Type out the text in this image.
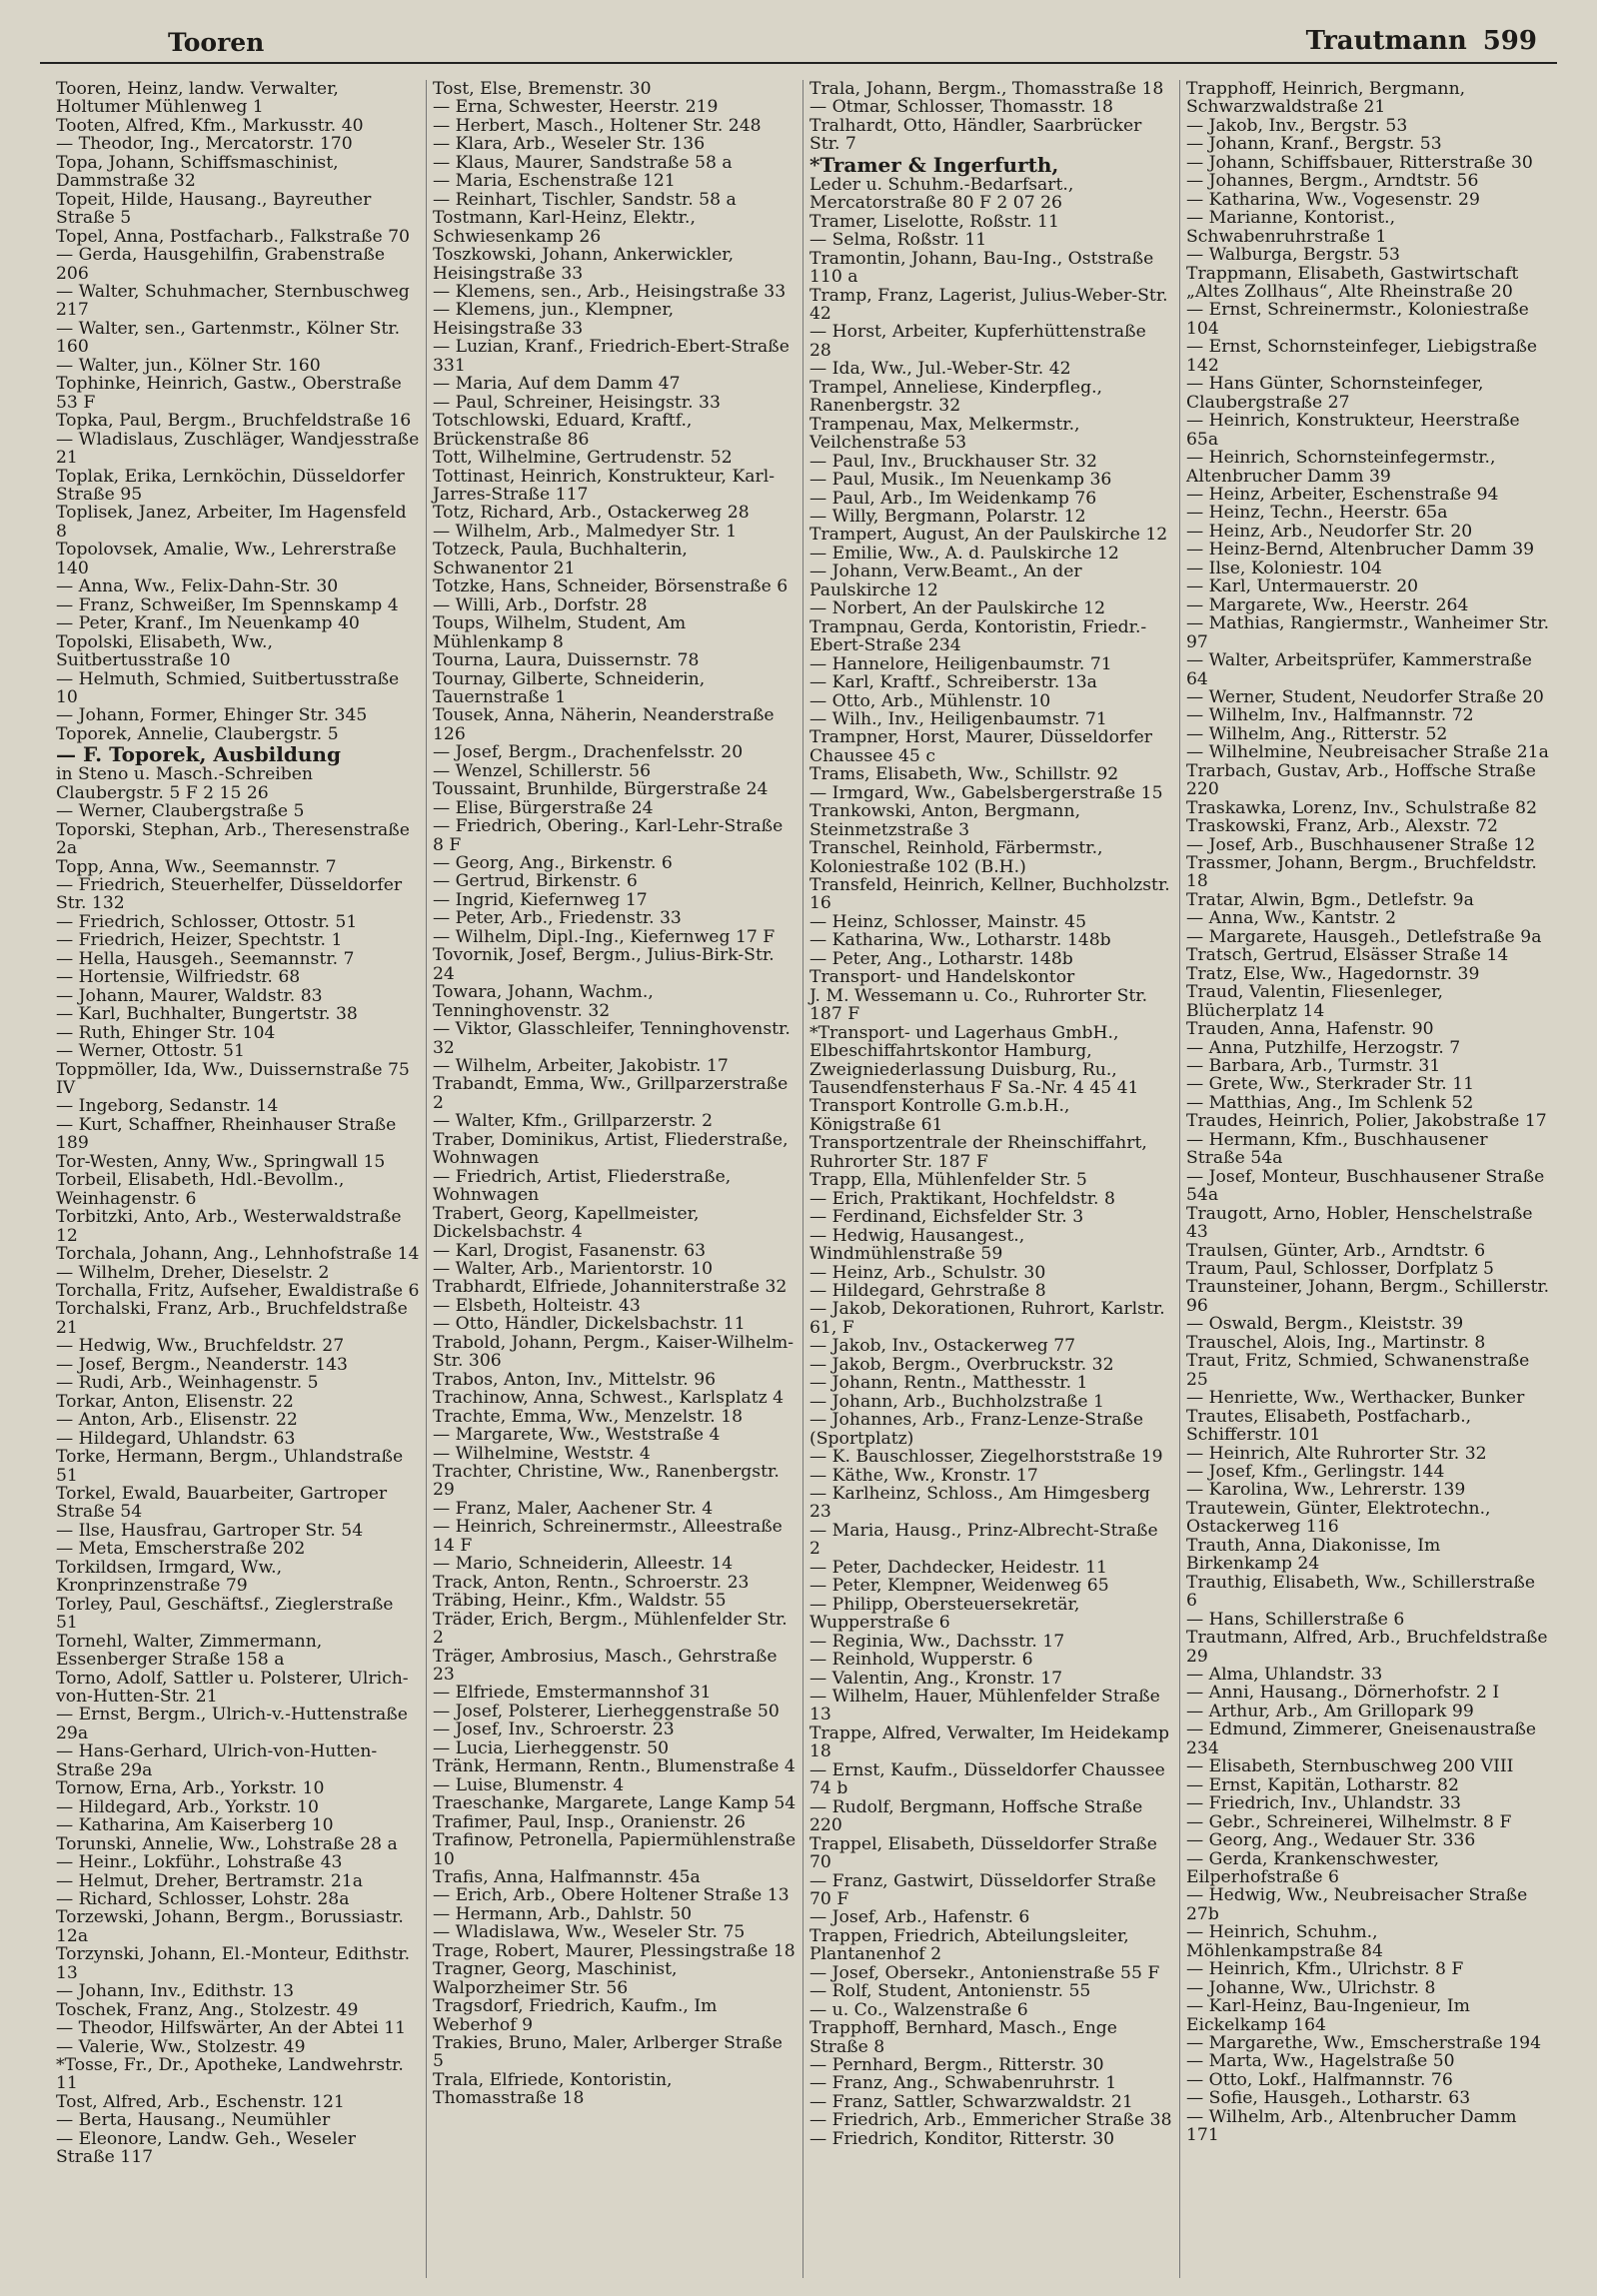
Tooren	Trautmann 599

Tooren, Heinz, landw. Verwalter, Holtumer Mühlenweg 1

Tooten, Alfred, Kfm., Markusstr. 40

— Theodor, Ing., Mercatorstr. 170

Topa, Johann, Schiffsmaschinist, Dammstraße 32

Topeit, Hilde, Hausang., Bayreuther Straße 5

Topel, Anna, Postfacharb., Falkstraße 70

— Gerda, Hausgehilfin, Grabenstraße 206

— Walter, Schuhmacher, Sternbuschweg 217

— Walter, sen., Gartenmstr., Kölner Str. 160

— Walter, jun., Kölner Str. 160

Tophinke, Heinrich, Gastw., Oberstraße 53 F

Topka, Paul, Bergm., Bruchfeldstraße 16

— Wladislaus, Zuschläger, Wandjesstraße 21

Toplak, Erika, Lernköchin, Düsseldorfer Straße 95

Toplisek, Janez, Arbeiter, Im Hagensfeld 8

Topolovsek, Amalie, Ww., Lehrerstraße 140

— Anna, Ww., Felix-Dahn-Str. 30

— Franz, Schweißer, Im Spennskamp 4

— Peter, Kranf., Im Neuenkamp 40

Topolski, Elisabeth, Ww., Suitbertusstraße 10

— Helmuth, Schmied, Suitbertusstraße 10

— Johann, Former, Ehinger Str. 345

Toporek, Annelie, Claubergstr. 5

— F. Toporek, Ausbildung

in Steno u. Masch.-Schreiben Claubergstr. 5 F 2 15 26

— Werner, Claubergstraße 5

Toporski, Stephan, Arb., Theresenstraße 2a

Topp, Anna, Ww., Seemannstr. 7

— Friedrich, Steuerhelfer, Düsseldorfer Str. 132

— Friedrich, Schlosser, Ottostr. 51

— Friedrich, Heizer, Spechtstr. 1

— Hella, Hausgeh., Seemannstr. 7

— Hortensie, Wilfriedstr. 68

— Johann, Maurer, Waldstr. 83

— Karl, Buchhalter, Bungertstr. 38

— Ruth, Ehinger Str. 104

— Werner, Ottostr. 51

Toppmöller, Ida, Ww., Duissernstraße 75 IV

— Ingeborg, Sedanstr. 14

— Kurt, Schaffner, Rheinhauser Straße 189

Tor-Westen, Anny, Ww., Springwall 15

Torbeil, Elisabeth, Hdl.-Bevollm., Weinhagenstr. 6

Torbitzki, Anto, Arb., Westerwaldstraße 12

Torchala, Johann, Ang., Lehnhofstraße 14

— Wilhelm, Dreher, Dieselstr. 2

Torchalla, Fritz, Aufseher, Ewaldistraße 6

Torchalski, Franz, Arb., Bruchfeldstraße 21

— Hedwig, Ww., Bruchfeldstr. 27

— Josef, Bergm., Neanderstr. 143

— Rudi, Arb., Weinhagenstr. 5

Torkar, Anton, Elisenstr. 22

— Anton, Arb., Elisenstr. 22

— Hildegard, Uhlandstr. 63

Torke, Hermann, Bergm., Uhlandstraße 51

Torkel, Ewald, Bauarbeiter, Gartroper Straße 54

— Ilse, Hausfrau, Gartroper Str. 54

— Meta, Emscherstraße 202

Torkildsen, Irmgard, Ww., Kronprinzenstraße 79

Torley, Paul, Geschäftsf., Zieglerstraße 51

Tornehl, Walter, Zimmermann, Essenberger Straße 158 a

Torno, Adolf, Sattler u. Polsterer, Ulrich-von-Hutten-Str. 21

— Ernst, Bergm., Ulrich-v.-Huttenstraße 29a

— Hans-Gerhard, Ulrich-von-Hutten-Straße 29a

Tornow, Erna, Arb., Yorkstr. 10

— Hildegard, Arb., Yorkstr. 10

— Katharina, Am Kaiserberg 10

Torunski, Annelie, Ww., Lohstraße 28 a

— Heinr., Lokführ., Lohstraße 43

— Helmut, Dreher, Bertramstr. 21a

— Richard, Schlosser, Lohstr. 28a

Torzewski, Johann, Bergm., Borussiastr. 12a

Torzynski, Johann, El.-Monteur, Edithstr. 13

— Johann, Inv., Edithstr. 13

Toschek, Franz, Ang., Stolzestr. 49

— Theodor, Hilfswärter, An der Abtei 11

— Valerie, Ww., Stolzestr. 49

*Tosse, Fr., Dr., Apotheke, Landwehrstr. 11

Tost, Alfred, Arb., Eschenstr. 121

— Berta, Hausang., Neumühler

— Eleonore, Landw. Geh., Weseler Straße 117

Tost, Else, Bremenstr. 30

— Erna, Schwester, Heerstr. 219

— Herbert, Masch., Holtener Str. 248

— Klara, Arb., Weseler Str. 136

— Klaus, Maurer, Sandstraße 58 a

— Maria, Eschenstraße 121

— Reinhart, Tischler, Sandstr. 58 a

Tostmann, Karl-Heinz, Elektr., Schwiesenkamp 26

Toszkowski, Johann, Ankerwickler, Heisingstraße 33

— Klemens, sen., Arb., Heisingstraße 33

— Klemens, jun., Klempner, Heisingstraße 33

— Luzian, Kranf., Friedrich-Ebert-Straße 331

— Maria, Auf dem Damm 47

— Paul, Schreiner, Heisingstr. 33

Totschlowski, Eduard, Kraftf., Brückenstraße 86

Tott, Wilhelmine, Gertrudenstr. 52

Tottinast, Heinrich, Konstrukteur, Karl-Jarres-Straße 117

Totz, Richard, Arb., Ostackerweg 28

— Wilhelm, Arb., Malmedyer Str. 1

Totzeck, Paula, Buchhalterin, Schwanentor 21

Totzke, Hans, Schneider, Börsenstraße 6

— Willi, Arb., Dorfstr. 28

Toups, Wilhelm, Student, Am Mühlenkamp 8

Tourna, Laura, Duissernstr. 78

Tournay, Gilberte, Schneiderin, Tauernstraße 1

Tousek, Anna, Näherin, Neanderstraße 126

— Josef, Bergm., Drachenfelsstr. 20

— Wenzel, Schillerstr. 56

Toussaint, Brunhilde, Bürgerstraße 24

— Elise, Bürgerstraße 24

— Friedrich, Obering., Karl-Lehr-Straße 8 F

— Georg, Ang., Birkenstr. 6

— Gertrud, Birkenstr. 6

— Ingrid, Kiefernweg 17

— Peter, Arb., Friedenstr. 33

— Wilhelm, Dipl.-Ing., Kiefernweg 17 F

Tovornik, Josef, Bergm., Julius-Birk-Str. 24

Towara, Johann, Wachm., Tenninghovenstr. 32

— Viktor, Glasschleifer, Tenninghovenstr. 32

— Wilhelm, Arbeiter, Jakobistr. 17

Trabandt, Emma, Ww., Grillparzerstraße 2

— Walter, Kfm., Grillparzerstr. 2

Traber, Dominikus, Artist, Fliederstraße, Wohnwagen

— Friedrich, Artist, Fliederstraße, Wohnwagen

Trabert, Georg, Kapellmeister, Dickelsbachstr. 4

— Karl, Drogist, Fasanenstr. 63

— Walter, Arb., Marientorstr. 10

Trabhardt, Elfriede, Johanniterstraße 32

— Elsbeth, Holteistr. 43

— Otto, Händler, Dickelsbachstr. 11

Trabold, Johann, Pergm., Kaiser-Wilhelm-Str. 306

Trabos, Anton, Inv., Mittelstr. 96

Trachinow, Anna, Schwest., Karlsplatz 4

Trachte, Emma, Ww., Menzelstr. 18

— Margarete, Ww., Weststraße 4

— Wilhelmine, Weststr. 4

Trachter, Christine, Ww., Ranenbergstr. 29

— Franz, Maler, Aachener Str. 4

— Heinrich, Schreinermstr., Alleestraße 14 F

— Mario, Schneiderin, Alleestr. 14

Track, Anton, Rentn., Schroerstr. 23

Träbing, Heinr., Kfm., Waldstr. 55

Träder, Erich, Bergm., Mühlenfelder Str. 2

Träger, Ambrosius, Masch., Gehrstraße 23

— Elfriede, Emstermannshof 31

— Josef, Polsterer, Lierheggenstraße 50

— Josef, Inv., Schroerstr. 23

— Lucia, Lierheggenstr. 50

Tränk, Hermann, Rentn., Blumenstraße 4

— Luise, Blumenstr. 4

Traeschanke, Margarete, Lange Kamp 54

Trafimer, Paul, Insp., Oranienstr. 26

Trafinow, Petronella, Papiermühlenstraße 10

Trafis, Anna, Halfmannstr. 45a

— Erich, Arb., Obere Holtener Straße 13

— Hermann, Arb., Dahlstr. 50

— Wladislawa, Ww., Weseler Str. 75

Trage, Robert, Maurer, Plessingstraße 18

Tragner, Georg, Maschinist, Walporzheimer Str. 56

Tragsdorf, Friedrich, Kaufm., Im Weberhof 9

Trakies, Bruno, Maler, Arlberger Straße 5

Trala, Elfriede, Kontoristin, Thomasstraße 18

Trala, Johann, Bergm., Thomasstraße 18

— Otmar, Schlosser, Thomasstr. 18

Tralhardt, Otto, Händler, Saarbrücker Str. 7

*Tramer & Ingerfurth,

Leder u. Schuhm.-Bedarfsart., Mercatorstraße 80 F 2 07 26

Tramer, Liselotte, Roßstr. 11

— Selma, Roßstr. 11

Tramontin, Johann, Bau-Ing., Oststraße 110 a

Tramp, Franz, Lagerist, Julius-Weber-Str. 42

— Horst, Arbeiter, Kupferhüttenstraße 28

— Ida, Ww., Jul.-Weber-Str. 42

Trampel, Anneliese, Kinderpfleg., Ranenbergstr. 32

Trampenau, Max, Melkermstr., Veilchenstraße 53

— Paul, Inv., Bruckhauser Str. 32

— Paul, Musik., Im Neuenkamp 36

— Paul, Arb., Im Weidenkamp 76

— Willy, Bergmann, Polarstr. 12

Trampert, August, An der Paulskirche 12

— Emilie, Ww., A. d. Paulskirche 12

— Johann, Verw.Beamt., An der Paulskirche 12

— Norbert, An der Paulskirche 12

Trampnau, Gerda, Kontoristin, Friedr.-Ebert-Straße 234

— Hannelore, Heiligenbaumstr. 71

— Karl, Kraftf., Schreiberstr. 13a

— Otto, Arb., Mühlenstr. 10

— Wilh., Inv., Heiligenbaumstr. 71

Trampner, Horst, Maurer, Düsseldorfer Chaussee 45 c

Trams, Elisabeth, Ww., Schillstr. 92

— Irmgard, Ww., Gabelsbergerstraße 15

Trankowski, Anton, Bergmann, Steinmetzstraße 3

Transchel, Reinhold, Färbermstr., Koloniestraße 102 (B.H.)

Transfeld, Heinrich, Kellner, Buchholzstr. 16

— Heinz, Schlosser, Mainstr. 45

— Katharina, Ww., Lotharstr. 148b

— Peter, Ang., Lotharstr. 148b

Transport- und Handelskontor

J. M. Wessemann u. Co., Ruhrorter Str. 187 F

*Transport- und Lagerhaus GmbH.,

Elbeschiffahrtskontor Hamburg, Zweigniederlassung Duisburg, Ru., Tausendfensterhaus F Sa.-Nr. 4 45 41

Transport Kontrolle G.m.b.H., Königstraße 61

Transportzentrale der Rheinschiffahrt, Ruhrorter Str. 187 F

Trapp, Ella, Mühlenfelder Str. 5

— Erich, Praktikant, Hochfeldstr. 8

— Ferdinand, Eichsfelder Str. 3

— Hedwig, Hausangest., Windmühlenstraße 59

— Heinz, Arb., Schulstr. 30

— Hildegard, Gehrstraße 8

— Jakob, Dekorationen, Ruhrort, Karlstr. 61, F

— Jakob, Inv., Ostackerweg 77

— Jakob, Bergm., Overbruckstr. 32

— Johann, Rentn., Matthesstr. 1

— Johann, Arb., Buchholzstraße 1

— Johannes, Arb., Franz-Lenze-Straße (Sportplatz)

— K. Bauschlosser, Ziegelhorststraße 19

— Käthe, Ww., Kronstr. 17

— Karlheinz, Schloss., Am Himgesberg 23

— Maria, Hausg., Prinz-Albrecht-Straße 2

— Peter, Dachdecker, Heidestr. 11

— Peter, Klempner, Weidenweg 65

— Philipp, Obersteuersekretär, Wupperstraße 6

— Reginia, Ww., Dachsstr. 17

— Reinhold, Wupperstr. 6

— Valentin, Ang., Kronstr. 17

— Wilhelm, Hauer, Mühlenfelder Straße 13

Trappe, Alfred, Verwalter, Im Heidekamp 18

— Ernst, Kaufm., Düsseldorfer Chaussee 74 b

— Rudolf, Bergmann, Hoffsche Straße 220

Trappel, Elisabeth, Düsseldorfer Straße 70

— Franz, Gastwirt, Düsseldorfer Straße 70 F

— Josef, Arb., Hafenstr. 6

Trappen, Friedrich, Abteilungsleiter, Plantanenhof 2

— Josef, Obersekr., Antonienstraße 55 F

— Rolf, Student, Antonienstr. 55

— u. Co., Walzenstraße 6

Trapphoff, Bernhard, Masch., Enge Straße 8

— Pernhard, Bergm., Ritterstr. 30

— Franz, Ang., Schwabenruhrstr. 1

— Franz, Sattler, Schwarzwaldstr. 21

— Friedrich, Arb., Emmericher Straße 38

— Friedrich, Konditor, Ritterstr. 30

Trapphoff, Heinrich, Bergmann, Schwarzwaldstraße 21

— Jakob, Inv., Bergstr. 53

— Johann, Kranf., Bergstr. 53

— Johann, Schiffsbauer, Ritterstraße 30

— Johannes, Bergm., Arndtstr. 56

— Katharina, Ww., Vogesenstr. 29

— Marianne, Kontorist., Schwabenruhrstraße 1

— Walburga, Bergstr. 53

Trappmann, Elisabeth, Gastwirtschaft „Altes Zollhaus“, Alte Rheinstraße 20

— Ernst, Schreinermstr., Koloniestraße 104

— Ernst, Schornsteinfeger, Liebigstraße 142

— Hans Günter, Schornsteinfeger, Claubergstraße 27

— Heinrich, Konstrukteur, Heerstraße 65a

— Heinrich, Schornsteinfegermstr., Altenbrucher Damm 39

— Heinz, Arbeiter, Eschenstraße 94

— Heinz, Techn., Heerstr. 65a

— Heinz, Arb., Neudorfer Str. 20

— Heinz-Bernd, Altenbrucher Damm 39

— Ilse, Koloniestr. 104

— Karl, Untermauerstr. 20

— Margarete, Ww., Heerstr. 264

— Mathias, Rangiermstr., Wanheimer Str. 97

— Walter, Arbeitsprüfer, Kammerstraße 64

— Werner, Student, Neudorfer Straße 20

— Wilhelm, Inv., Halfmannstr. 72

— Wilhelm, Ang., Ritterstr. 52

— Wilhelmine, Neubreisacher Straße 21a

Trarbach, Gustav, Arb., Hoffsche Straße 220

Traskawka, Lorenz, Inv., Schulstraße 82

Traskowski, Franz, Arb., Alexstr. 72

— Josef, Arb., Buschhausener Straße 12

Trassmer, Johann, Bergm., Bruchfeldstr. 18

Tratar, Alwin, Bgm., Detlefstr. 9a

— Anna, Ww., Kantstr. 2

— Margarete, Hausgeh., Detlefstraße 9a

Tratsch, Gertrud, Elsässer Straße 14

Tratz, Else, Ww., Hagedornstr. 39

Traud, Valentin, Fliesenleger, Blücherplatz 14

Trauden, Anna, Hafenstr. 90

— Anna, Putzhilfe, Herzogstr. 7

— Barbara, Arb., Turmstr. 31

— Grete, Ww., Sterkrader Str. 11

— Matthias, Ang., Im Schlenk 52

Traudes, Heinrich, Polier, Jakobstraße 17

— Hermann, Kfm., Buschhausener Straße 54a

— Josef, Monteur, Buschhausener Straße 54a

Traugott, Arno, Hobler, Henschelstraße 43

Traulsen, Günter, Arb., Arndtstr. 6

Traum, Paul, Schlosser, Dorfplatz 5

Traunsteiner, Johann, Bergm., Schillerstr. 96

— Oswald, Bergm., Kleiststr. 39

Trauschel, Alois, Ing., Martinstr. 8

Traut, Fritz, Schmied, Schwanenstraße 25

— Henriette, Ww., Werthacker, Bunker

Trautes, Elisabeth, Postfacharb., Schifferstr. 101

— Heinrich, Alte Ruhrorter Str. 32

— Josef, Kfm., Gerlingstr. 144

— Karolina, Ww., Lehrerstr. 139

Trautewein, Günter, Elektrotechn., Ostackerweg 116

Trauth, Anna, Diakonisse, Im Birkenkamp 24

Trauthig, Elisabeth, Ww., Schillerstraße 6

— Hans, Schillerstraße 6

Trautmann, Alfred, Arb., Bruchfeldstraße 29

— Alma, Uhlandstr. 33

— Anni, Hausang., Dörnerhofstr. 2 I

— Arthur, Arb., Am Grillopark 99

— Edmund, Zimmerer, Gneisenaustraße 234

— Elisabeth, Sternbuschweg 200 VIII

— Ernst, Kapitän, Lotharstr. 82

— Friedrich, Inv., Uhlandstr. 33

— Gebr., Schreinerei, Wilhelmstr. 8 F

— Georg, Ang., Wedauer Str. 336

— Gerda, Krankenschwester, Eilperhofstraße 6

— Hedwig, Ww., Neubreisacher Straße 27b

— Heinrich, Schuhm., Möhlenkampstraße 84

— Heinrich, Kfm., Ulrichstr. 8 F

— Johanne, Ww., Ulrichstr. 8

— Karl-Heinz, Bau-Ingenieur, Im Eickelkamp 164

— Margarethe, Ww., Emscherstraße 194

— Marta, Ww., Hagelstraße 50

— Otto, Lokf., Halfmannstr. 76

— Sofie, Hausgeh., Lotharstr. 63

— Wilhelm, Arb., Altenbrucher Damm 171
